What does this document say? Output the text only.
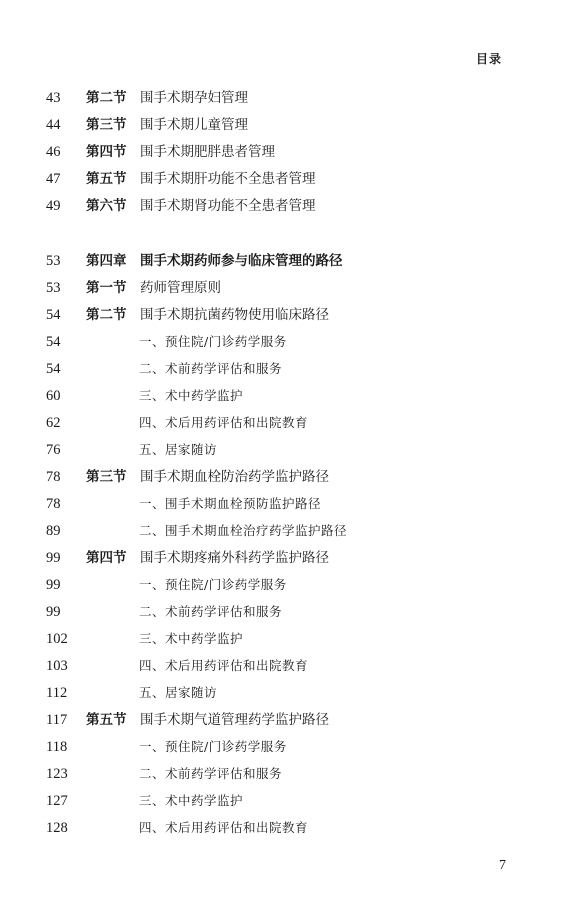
目录
43 第二节 围手术期孕妇管理
44 第三节 围手术期儿童管理
46 第四节 围手术期肥胖患者管理
47 第五节 围手术期肝功能不全患者管理
49 第六节 围手术期肾功能不全患者管理
53 第四章 围手术期药师参与临床管理的路径
53 第一节 药师管理原则
54 第二节 围手术期抗菌药物使用临床路径
54	一、预住院/门诊药学服务
54	二、术前药学评估和服务
60	三、术中药学监护
62	四、术后用药评估和出院教育
76	五、居家随访
78 第三节 围手术期血栓防治药学监护路径
78	一、围手术期血栓预防监护路径
89	二、围手术期血栓治疗药学监护路径
99 第四节 围手术期疼痛外科药学监护路径
99	一、预住院/门诊药学服务
99	二、术前药学评估和服务
102	三、术中药学监护
103	四、术后用药评估和出院教育
112	五、居家随访
117 第五节 围手术期气道管理药学监护路径
118	一、预住院/门诊药学服务
123	二、术前药学评估和服务
127	三、术中药学监护
128	四、术后用药评估和出院教育
7
